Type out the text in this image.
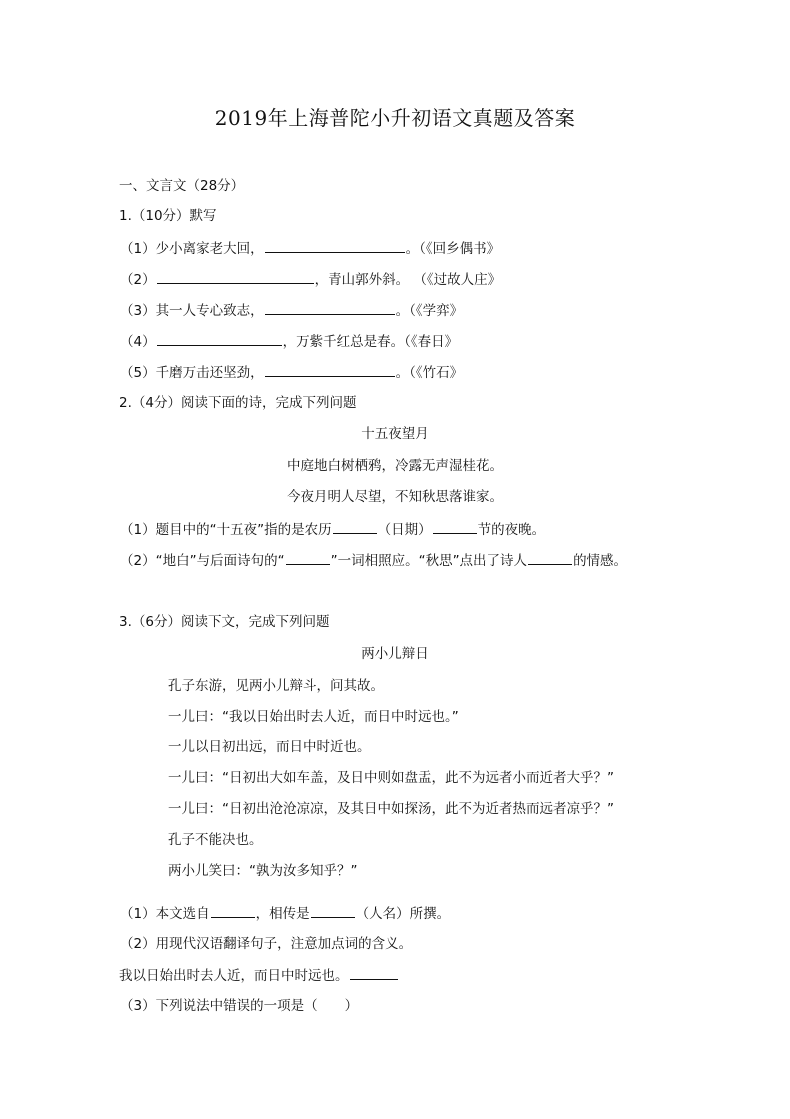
2019年上海普陀小升初语文真题及答案
一、文言文（28分）
1.（10分）默写
（1）少小离家老大回，	。（《回乡偶书》
（2）	，青山郭外斜。 （《过故人庄》
（3）其一人专心致志，	。（《学弈》
（4）	，万紫千红总是春。（《春日》
（5）千磨万击还坚劲，	。（《竹石》
2.（4分）阅读下面的诗，完成下列问题
十五夜望月
中庭地白树栖鸦，冷露无声湿桂花。
今夜月明人尽望，不知秋思落谁家。
（1）题目中的“十五夜”指的是农历	（日期）	节的夜晚。
（2）“地白”与后面诗句的“	”一词相照应。“秋思”点出了诗人	的情感。
3.（6分）阅读下文，完成下列问题
两小儿辩日
孔子东游，见两小儿辩斗，问其故。
一儿曰：“我以日始出时去人近，而日中时远也。”
一儿以日初出远，而日中时近也。
一儿曰：“日初出大如车盖，及日中则如盘盂，此不为远者小而近者大乎？”
一儿曰：“日初出沧沧凉凉，及其日中如探汤，此不为近者热而远者凉乎？”
孔子不能决也。
两小儿笑曰：“孰为汝多知乎？”
（1）本文选自	，相传是	（人名）所撰。
（2）用现代汉语翻译句子，注意加点词的含义。
我以日始出时去人近，而日中时远也。
（3）下列说法中错误的一项是（　　）
